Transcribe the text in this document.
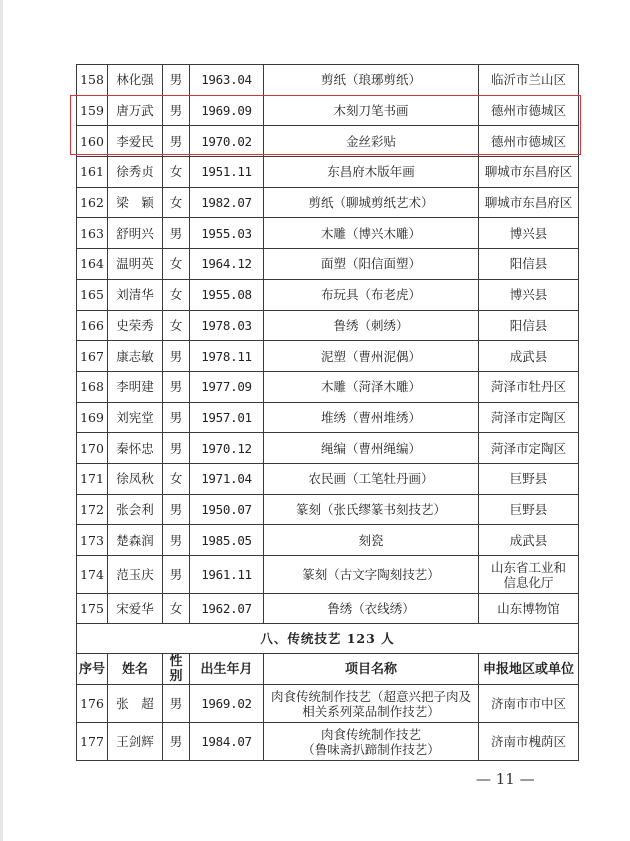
158	林化强	男	1963.04	剪纸（琅琊剪纸）	临沂市兰山区
159	唐万武	男	1969.09	木刻刀笔书画	德州市德城区
160	李爱民	男	1970.02	金丝彩贴	德州市德城区
161	徐秀贞	女	1951.11	东昌府木版年画	聊城市东昌府区
162	梁　颖	女	1982.07	剪纸（聊城剪纸艺术）	聊城市东昌府区
163	舒明兴	男	1955.03	木雕（博兴木雕）	博兴县
164	温明英	女	1964.12	面塑（阳信面塑）	阳信县
165	刘清华	女	1955.08	布玩具（布老虎）	博兴县
166	史荣秀	女	1978.03	鲁绣（刺绣）	阳信县
167	康志敏	男	1978.11	泥塑（曹州泥偶）	成武县
168	李明建	男	1977.09	木雕（菏泽木雕）	菏泽市牡丹区
169	刘宪堂	男	1957.01	堆绣（曹州堆绣）	菏泽市定陶区
170	秦怀忠	男	1970.12	绳编（曹州绳编）	菏泽市定陶区
171	徐凤秋	女	1971.04	农民画（工笔牡丹画）	巨野县
172	张会利	男	1950.07	篆刻（张氏缪篆书刻技艺）	巨野县
173	楚森润	男	1985.05	刻瓷	成武县
174	范玉庆	男	1961.11	篆刻（古文字陶刻技艺）	山东省工业和
信息化厅

175	宋爱华	女	1962.07	鲁绣（衣线绣）	山东博物馆
八、传统技艺 123 人					
序号	姓名	性别	出生年月	项目名称	申报地区或单位
176	张　超	男	1969.02	肉食传统制作技艺（超意兴把子肉及
相关系列菜品制作技艺）	济南市市中区
177	王剑辉	男	1984.07	肉食传统制作技艺
（鲁味斋扒蹄制作技艺）	济南市槐荫区
— 11 —
